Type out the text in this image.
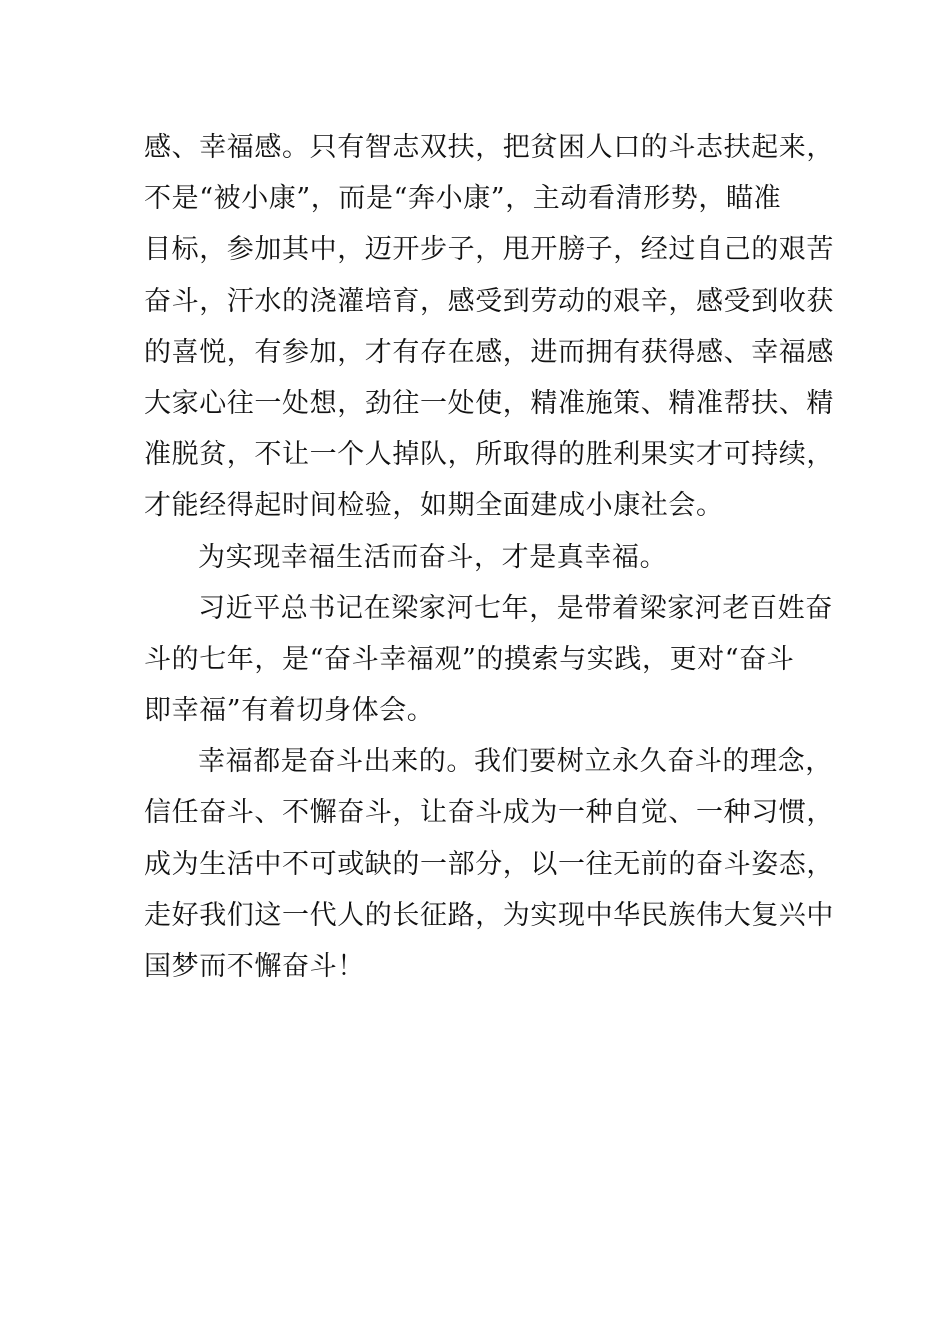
感、幸福感。只有智志双扶，把贫困人口的斗志扶起来，
不是“被小康”，而是“奔小康”，主动看清形势，瞄准
目标，参加其中，迈开步子，甩开膀子，经过自己的艰苦
奋斗，汗水的浇灌培育，感受到劳动的艰辛，感受到收获
的喜悦，有参加，才有存在感，进而拥有获得感、幸福感
大家心往一处想，劲往一处使，精准施策、精准帮扶、精
准脱贫，不让一个人掉队，所取得的胜利果实才可持续，
才能经得起时间检验，如期全面建成小康社会。
为实现幸福生活而奋斗，才是真幸福。
习近平总书记在梁家河七年，是带着梁家河老百姓奋
斗的七年，是“奋斗幸福观”的摸索与实践，更对“奋斗
即幸福”有着切身体会。
幸福都是奋斗出来的。我们要树立永久奋斗的理念，
信任奋斗、不懈奋斗，让奋斗成为一种自觉、一种习惯，
成为生活中不可或缺的一部分，以一往无前的奋斗姿态，
走好我们这一代人的长征路，为实现中华民族伟大复兴中
国梦而不懈奋斗！
